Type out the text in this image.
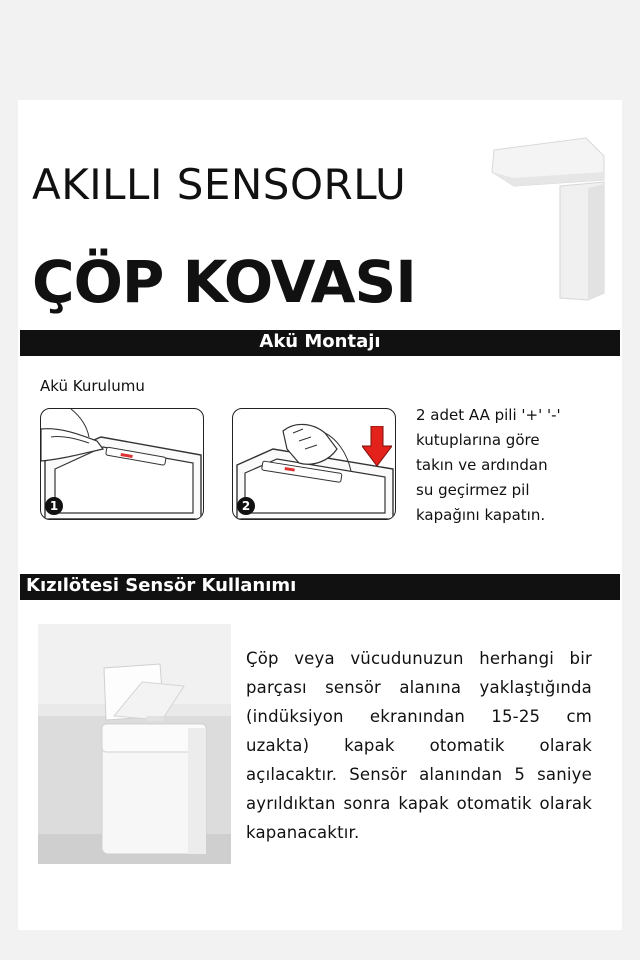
AKILLI SENSORLU
ÇÖP KOVASI
Akü Montajı
Akü Kurulumu
1	2
2 adet AA pili '+' '-'
kutuplarına göre
takın ve ardından
su geçirmez pil
kapağını kapatın.
Kızılötesi Sensör Kullanımı
Çöp veya vücudunuzun herhangi bir parçası sensör alanına yaklaştığında (indüksiyon ekranından 15-25 cm uzakta) kapak otomatik olarak açılacaktır. Sensör alanından 5 saniye ayrıldıktan sonra kapak otomatik olarak kapanacaktır.
